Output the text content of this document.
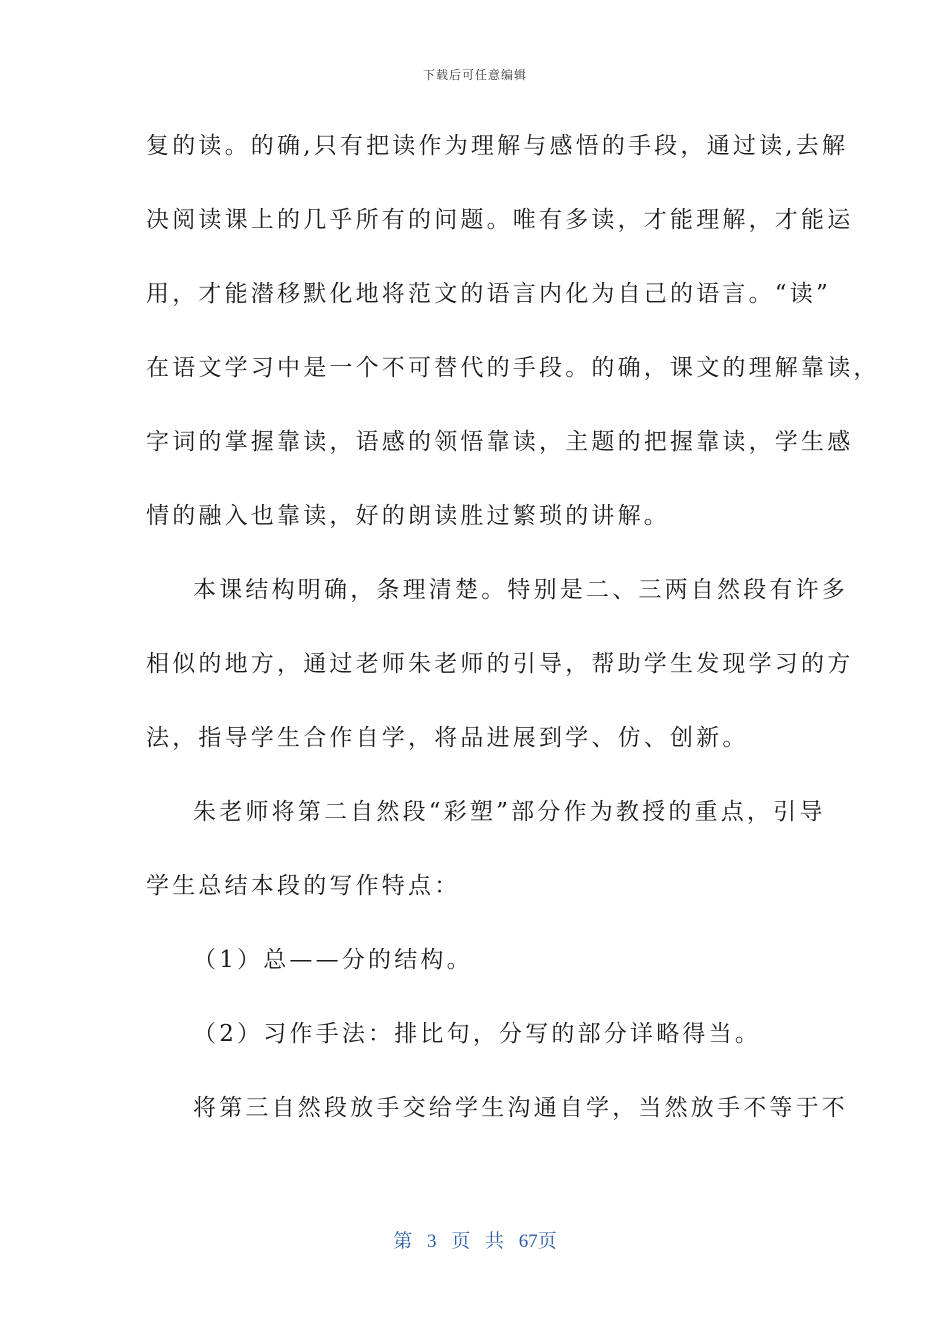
下载后可任意编辑
复的读。的确,只有把读作为理解与感悟的手段，通过读,去解
决阅读课上的几乎所有的问题。唯有多读，才能理解，才能运
用，才能潜移默化地将范文的语言内化为自己的语言。“读”
在语文学习中是一个不可替代的手段。的确，课文的理解靠读，
字词的掌握靠读，语感的领悟靠读，主题的把握靠读，学生感
情的融入也靠读，好的朗读胜过繁琐的讲解。
本课结构明确，条理清楚。特别是二、三两自然段有许多
相似的地方，通过老师朱老师的引导，帮助学生发现学习的方
法，指导学生合作自学，将品进展到学、仿、创新。
朱老师将第二自然段“彩塑”部分作为教授的重点，引导
学生总结本段的写作特点：
（1）总——分的结构。
（2）习作手法：排比句，分写的部分详略得当。
将第三自然段放手交给学生沟通自学，当然放手不等于不
第 3 页 共 67页
